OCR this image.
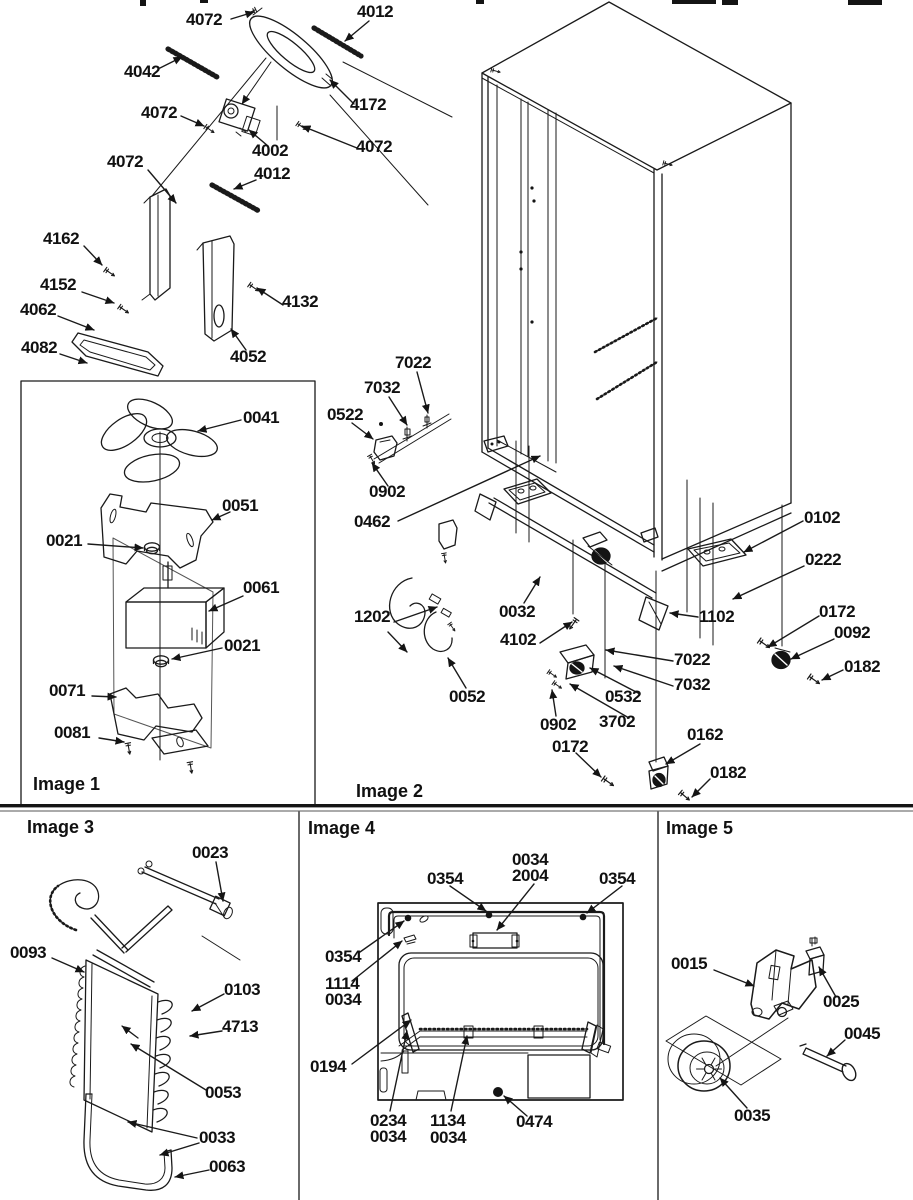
4072	4012
4042
4072	4172
4002	4072
4072
4012
4162
4152
4062
4082
4132
4052
Image 1
0041
0051
0021
0061
0021
0071
0081
Image 2
7022
7032
0522
0902
0462
1202	0032
4102
0052	0532
3702
0902
0172
0102
0222
1102	0172
0092
0182
7022
7032
0162
0182
Image 3
0023
0093
0103
4713
0053
0033
0063
Image 4
0034
2004
0354	0354
0354
1114
0034
0194
0234
0034
1134
0034
0474
Image 5
0015
0025
0045
0035
